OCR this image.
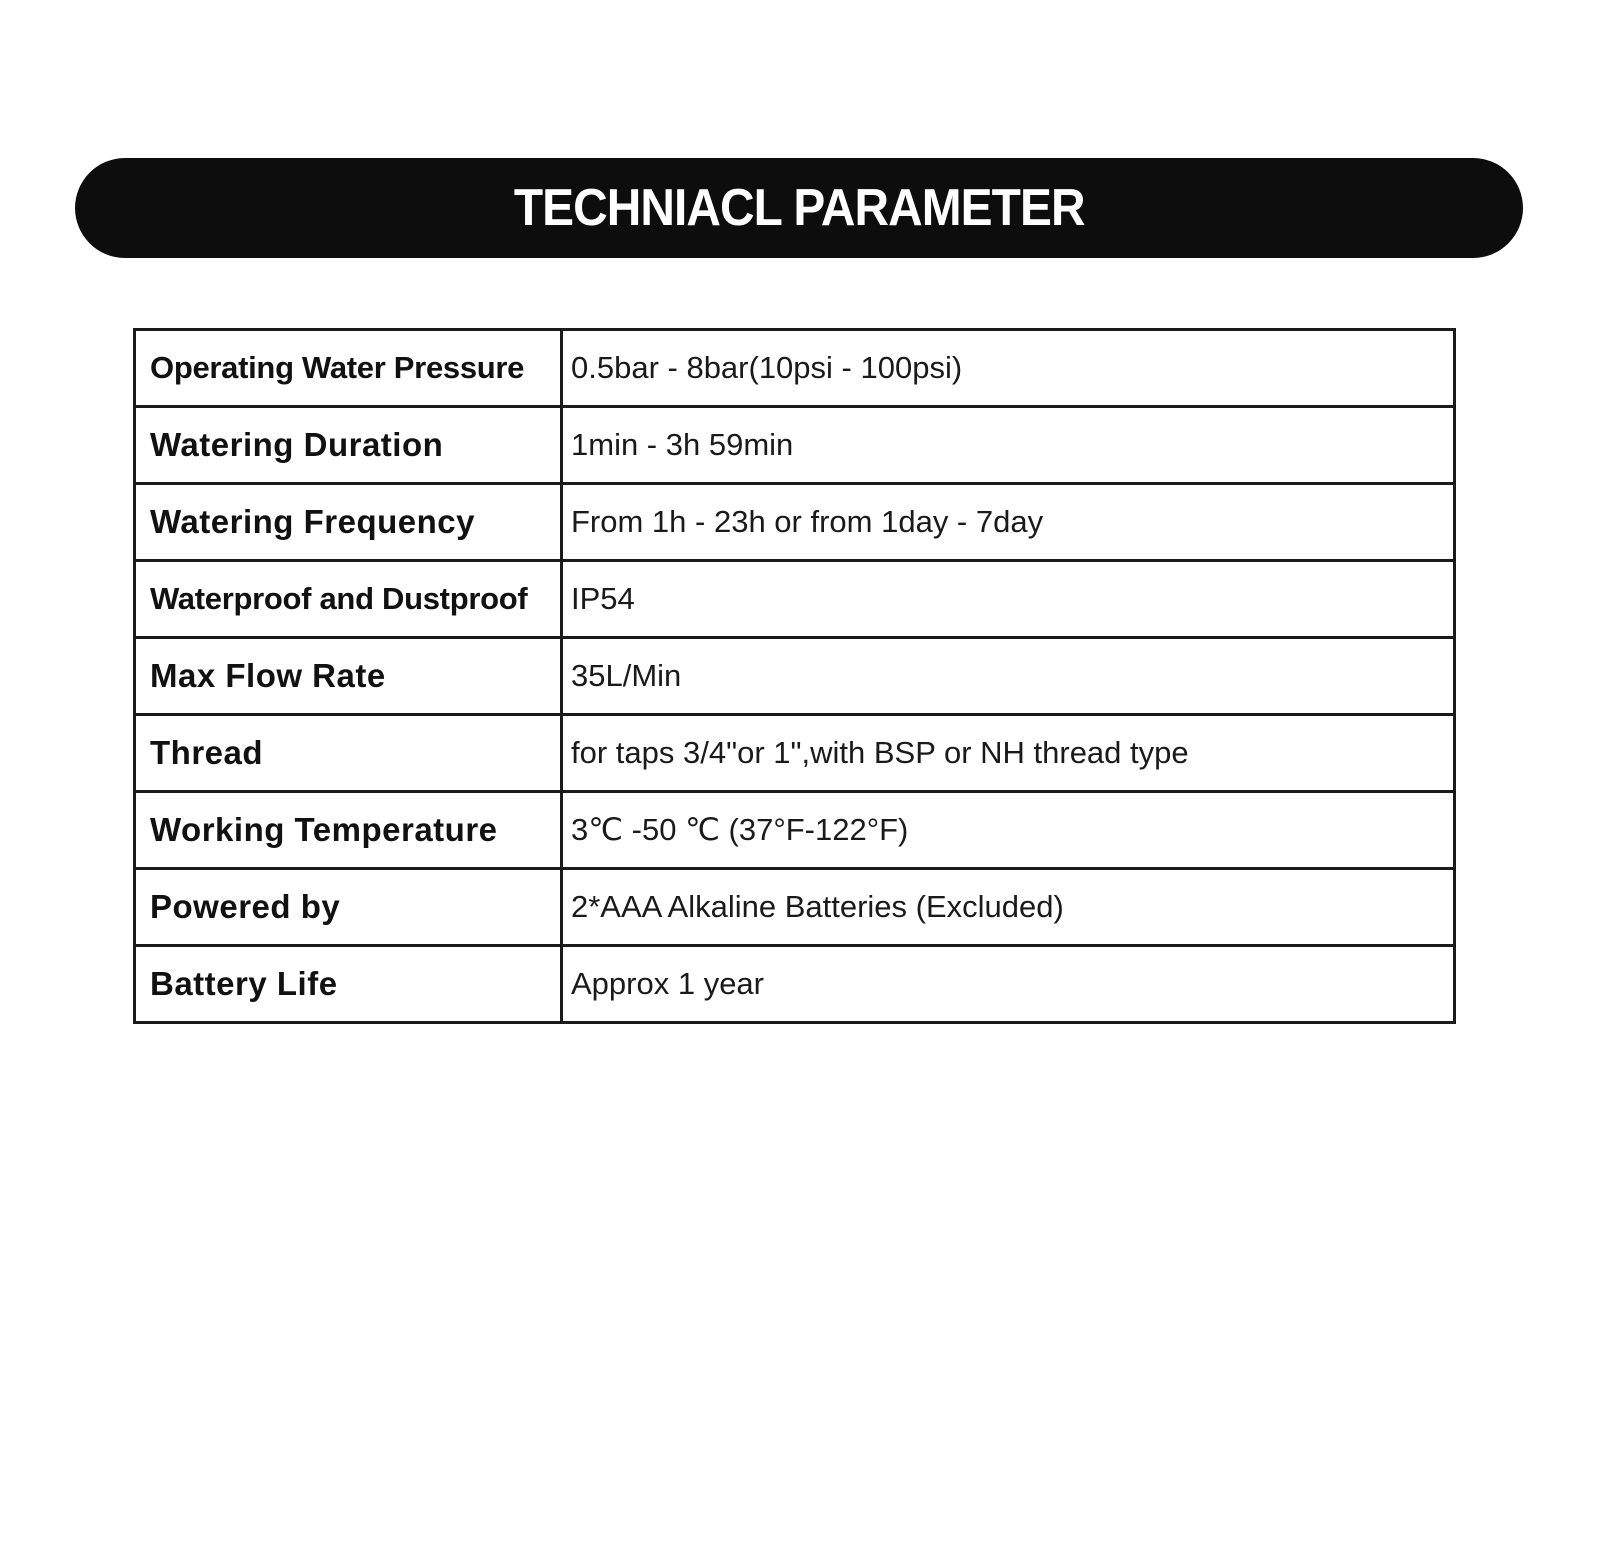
TECHNIACL PARAMETER
Operating Water Pressure	0.5bar - 8bar(10psi - 100psi)
Watering Duration	1min - 3h 59min
Watering Frequency	From 1h - 23h or from 1day - 7day
Waterproof and Dustproof	IP54
Max Flow Rate	35L/Min
Thread	for taps 3/4"or 1",with BSP or NH thread type
Working Temperature	3℃ -50 ℃ (37°F-122°F)
Powered by	2*AAA Alkaline Batteries (Excluded)
Battery Life	Approx 1 year
